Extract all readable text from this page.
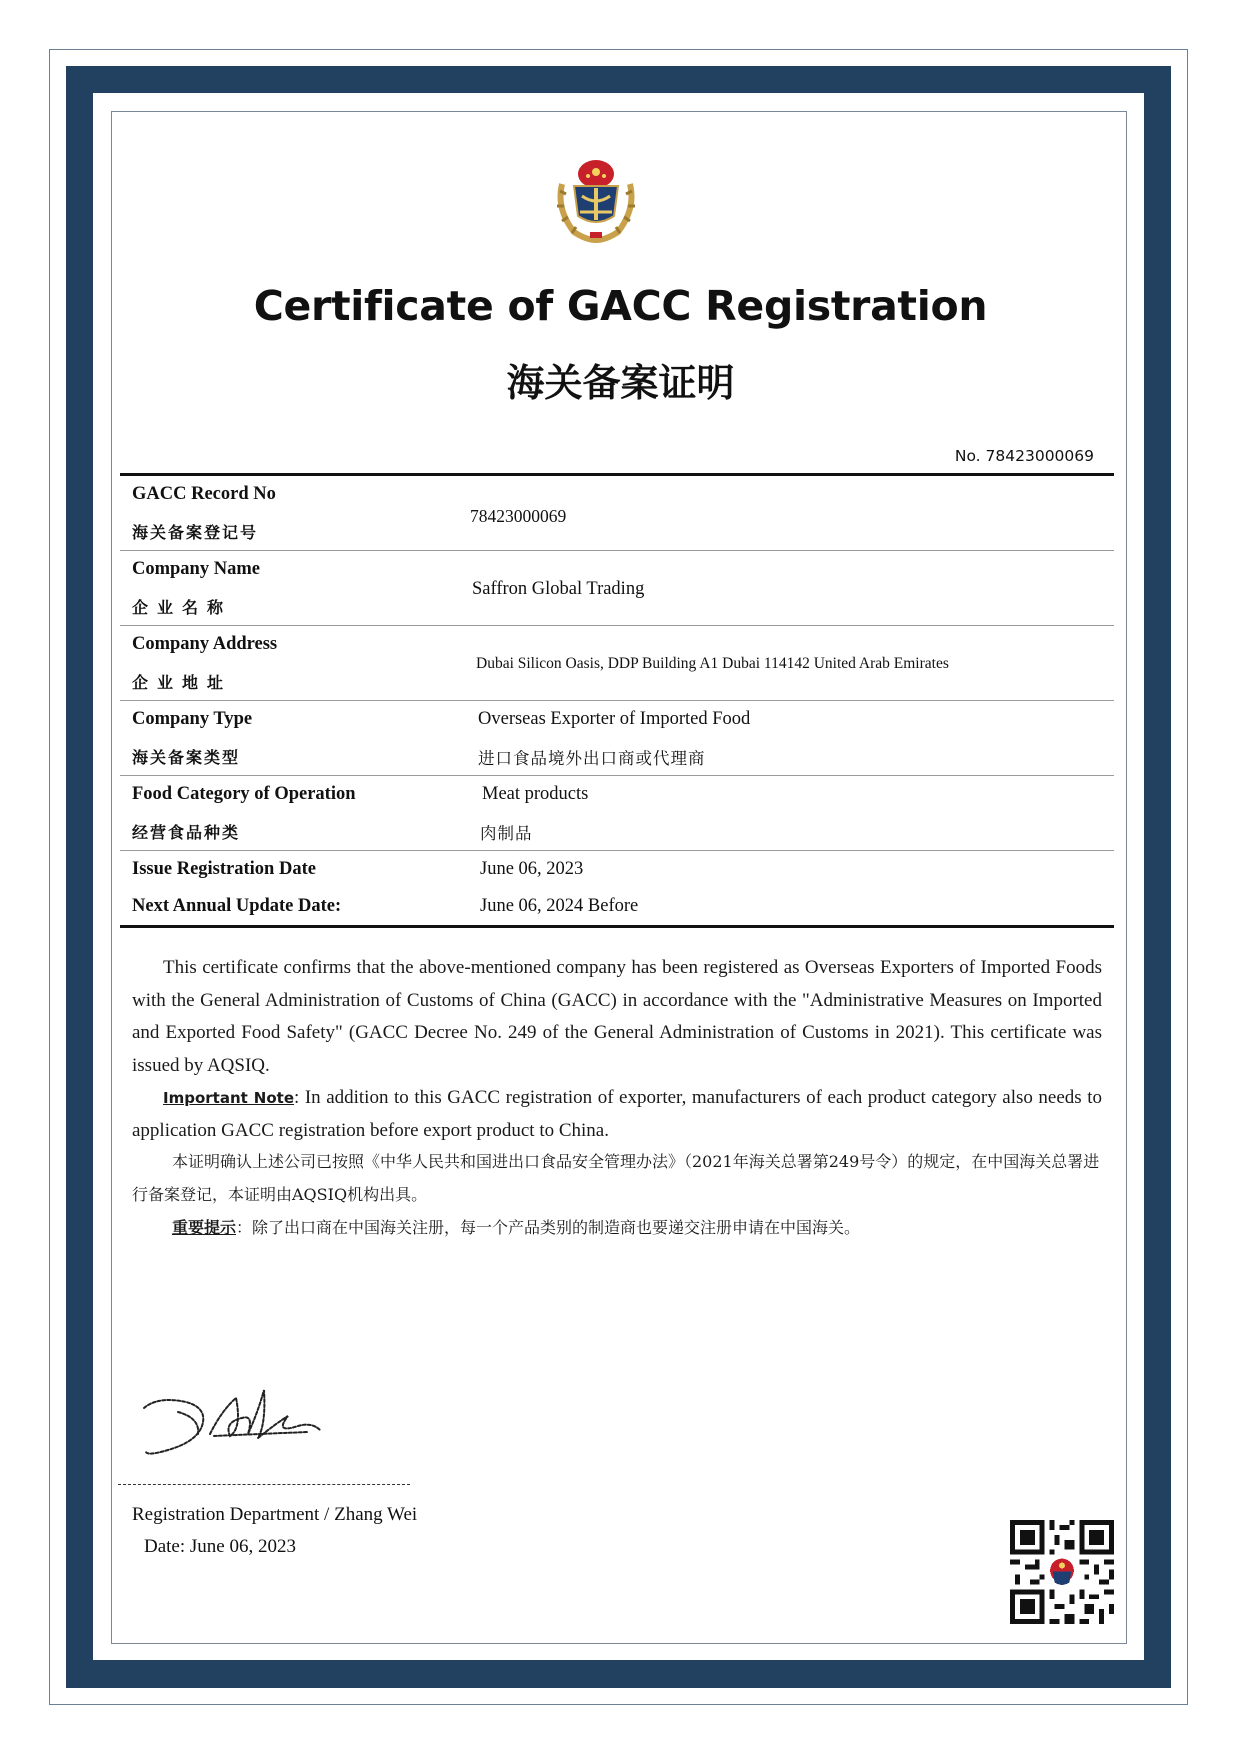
Certificate of GACC Registration
海关备案证明
No. 78423000069
GACC Record No
海关备案登记号
78423000069
Company Name
企业名称
Saffron Global Trading
Company Address
企业地址
Dubai Silicon Oasis, DDP Building A1 Dubai 114142 United Arab Emirates
Company Type
海关备案类型
Overseas Exporter of Imported Food
进口食品境外出口商或代理商
Food Category of Operation
经营食品种类
Meat products
肉制品
Issue Registration Date	June 06, 2023
Next Annual Update Date:	June 06, 2024 Before

This certificate confirms that the above-mentioned company has been registered as Overseas Exporters of Imported Foods with the General Administration of Customs of China (GACC) in accordance with the "Administrative Measures on Imported and Exported Food Safety" (GACC Decree No. 249 of the General Administration of Customs in 2021). This certificate was issued by AQSIQ.

Important Note: In addition to this GACC registration of exporter, manufacturers of each product category also needs to application GACC registration before export product to China.

本证明确认上述公司已按照《中华人民共和国进出口食品安全管理办法》（2021年海关总署第249号令）的规定，在中国海关总署进行备案登记，本证明由AQSIQ机构出具。

重要提示：除了出口商在中国海关注册，每一个产品类别的制造商也要递交注册申请在中国海关。

Registration Department / Zhang Wei
Date: June 06, 2023
